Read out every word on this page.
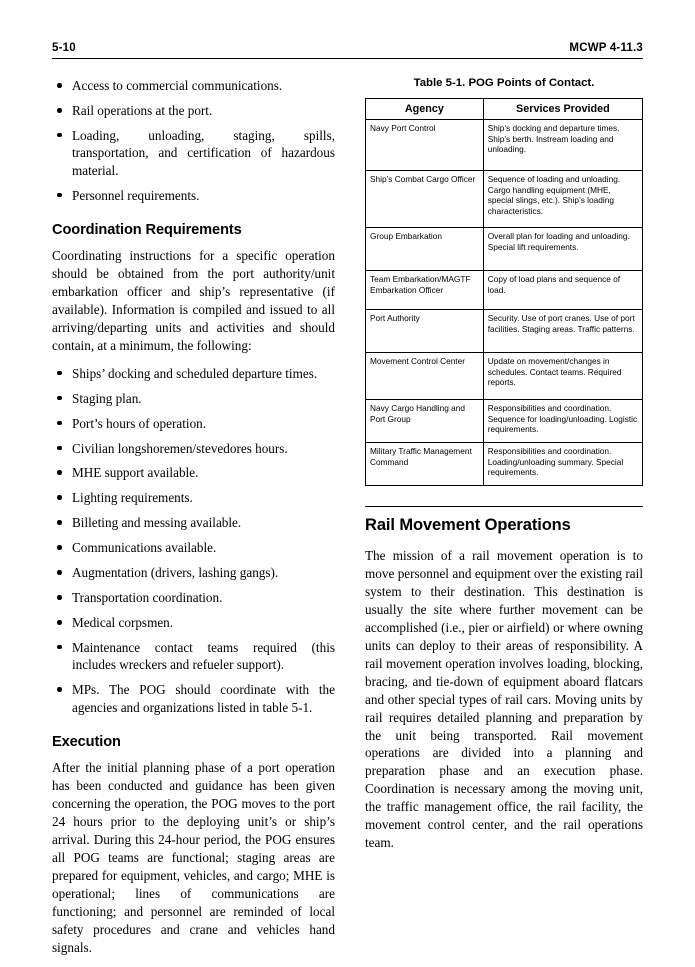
5-10	MCWP 4-11.3
Access to commercial communications.
Rail operations at the port.
Loading, unloading, staging, spills, transportation, and certification of hazardous material.
Personnel requirements.
Coordination Requirements

Coordinating instructions for a specific operation should be obtained from the port authority/unit embarkation officer and ship’s representative (if available). Information is compiled and issued to all arriving/departing units and activities and should contain, at a minimum, the following:

Ships’ docking and scheduled departure times.
Staging plan.
Port’s hours of operation.
Civilian longshoremen/stevedores hours.
MHE support available.
Lighting requirements.
Billeting and messing available.
Communications available.
Augmentation (drivers, lashing gangs).
Transportation coordination.
Medical corpsmen.
Maintenance contact teams required (this includes wreckers and refueler support).
MPs. The POG should coordinate with the agencies and organizations listed in table 5-1.
Execution

After the initial planning phase of a port operation has been conducted and guidance has been given concerning the operation, the POG moves to the port 24 hours prior to the deploying unit’s or ship’s arrival. During this 24-hour period, the POG ensures all POG teams are functional; staging areas are prepared for equipment, vehicles, and cargo; MHE is operational; lines of communications are functioning; and personnel are reminded of local safety procedures and crane and vehicles hand signals.

Table 5-1. POG Points of Contact.
Agency	Services Provided
Navy Port Control	Ship’s docking and departure times. Ship’s berth. Instream loading and unloading.
Ship’s Combat Cargo Officer	Sequence of loading and unloading. Cargo handling equipment (MHE, special slings, etc.). Ship’s loading characteristics.
Group Embarkation	Overall plan for loading and unloading. Special lift requirements.
Team Embarkation/MAGTF Embarkation Officer	Copy of load plans and sequence of load.
Port Authority	Security. Use of port cranes. Use of port facilities. Staging areas. Traffic patterns.
Movement Control Center	Update on movement/changes in schedules. Contact teams. Required reports.
Navy Cargo Handling and Port Group	Responsibilities and coordination. Sequence for loading/unloading. Logistic requirements.
Military Traffic Management Command	Responsibilities and coordination. Loading/unloading summary. Special requirements.
Rail Movement Operations

The mission of a rail movement operation is to move personnel and equipment over the existing rail system to their destination. This destination is usually the site where further movement can be accomplished (i.e., pier or airfield) or where owning units can deploy to their areas of responsibility. A rail movement operation involves loading, blocking, bracing, and tie-down of equipment aboard flatcars and other special types of rail cars. Moving units by rail requires detailed planning and preparation by the unit being transported. Rail movement operations are divided into a planning and preparation phase and an execution phase. Coordination is necessary among the moving unit, the traffic management office, the rail facility, the movement control center, and the rail operations team.
